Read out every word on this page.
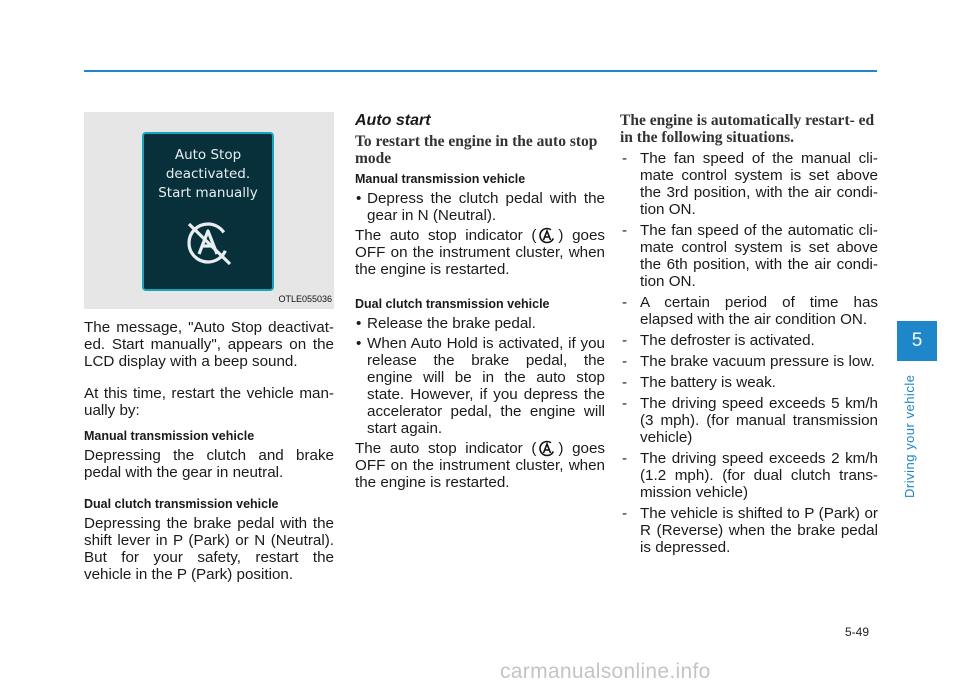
Auto Stop
deactivated.
Start manually
OTLE055036

The message, "Auto Stop deactivat- ed. Start manually", appears on the LCD display with a beep sound.

At this time, restart the vehicle man- ually by:

Manual transmission vehicle

Depressing the clutch and brake pedal with the gear in neutral.

Dual clutch transmission vehicle

Depressing the brake pedal with the shift lever in P (Park) or N (Neutral). But for your safety, restart the vehicle in the P (Park) position.

Auto start
To restart the engine in the auto stop mode
Manual transmission vehicle
• Depress the clutch pedal with the gear in N (Neutral).

The auto stop indicator ( ) goes OFF on the instrument cluster, when the engine is restarted.

Dual clutch transmission vehicle
• Release the brake pedal.
• When Auto Hold is activated, if you release the brake pedal, the engine will be in the auto stop state. However, if you depress the accelerator pedal, the engine will start again.

The auto stop indicator ( ) goes OFF on the instrument cluster, when the engine is restarted.

The engine is automatically restart- ed in the following situations.
- The fan speed of the manual cli- mate control system is set above the 3rd position, with the air condi- tion ON.
- The fan speed of the automatic cli- mate control system is set above the 6th position, with the air condi- tion ON.
- A certain period of time has elapsed with the air condition ON.
- The defroster is activated.
- The brake vacuum pressure is low.
- The battery is weak.
- The driving speed exceeds 5 km/h (3 mph). (for manual transmission vehicle)
- The driving speed exceeds 2 km/h (1.2 mph). (for dual clutch trans- mission vehicle)
- The vehicle is shifted to P (Park) or R (Reverse) when the brake pedal is depressed.
5
Driving your vehicle
5-49
carmanualsonline.info
